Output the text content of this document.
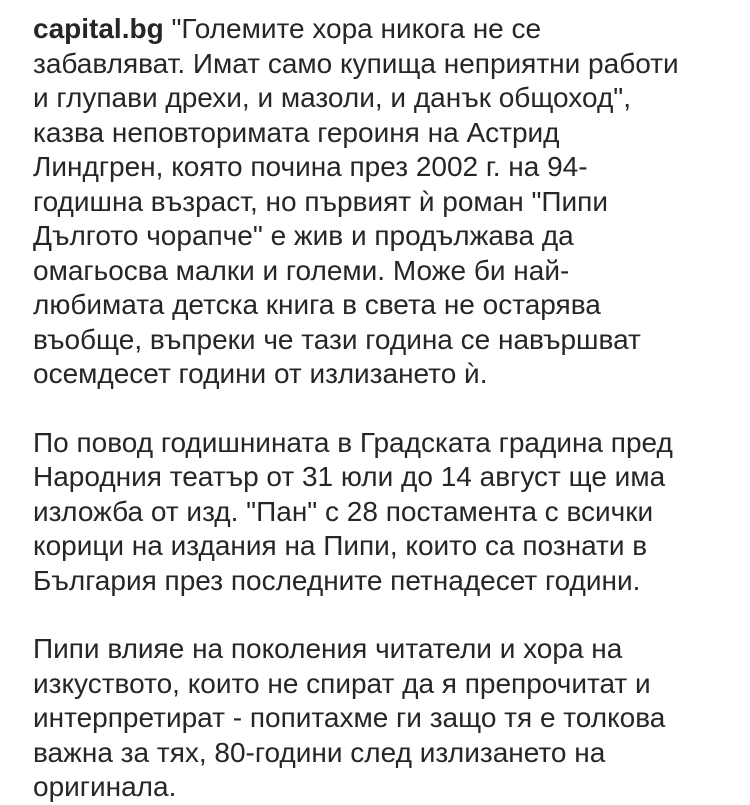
capital.bg "Големите хора никога не се
забавляват. Имат само купища неприятни работи
и глупави дрехи, и мазоли, и данък общоход",
казва неповторимата героиня на Астрид
Линдгрен, която почина през 2002 г. на 94-
годишна възраст, но първият ѝ роман "Пипи
Дългото чорапче" е жив и продължава да
омагьосва малки и големи. Може би най-
любимата детска книга в света не остарява
въобще, въпреки че тази година се навършват
осемдесет години от излизането ѝ.

По повод годишнината в Градската градина пред
Народния театър от 31 юли до 14 август ще има
изложба от изд. "Пан" с 28 постамента с всички
корици на издания на Пипи, които са познати в
България през последните петнадесет години.

Пипи влияе на поколения читатели и хора на
изкуството, които не спират да я препрочитат и
интерпретират - попитахме ги защо тя е толкова
важна за тях, 80-години след излизането на
оригинала.
